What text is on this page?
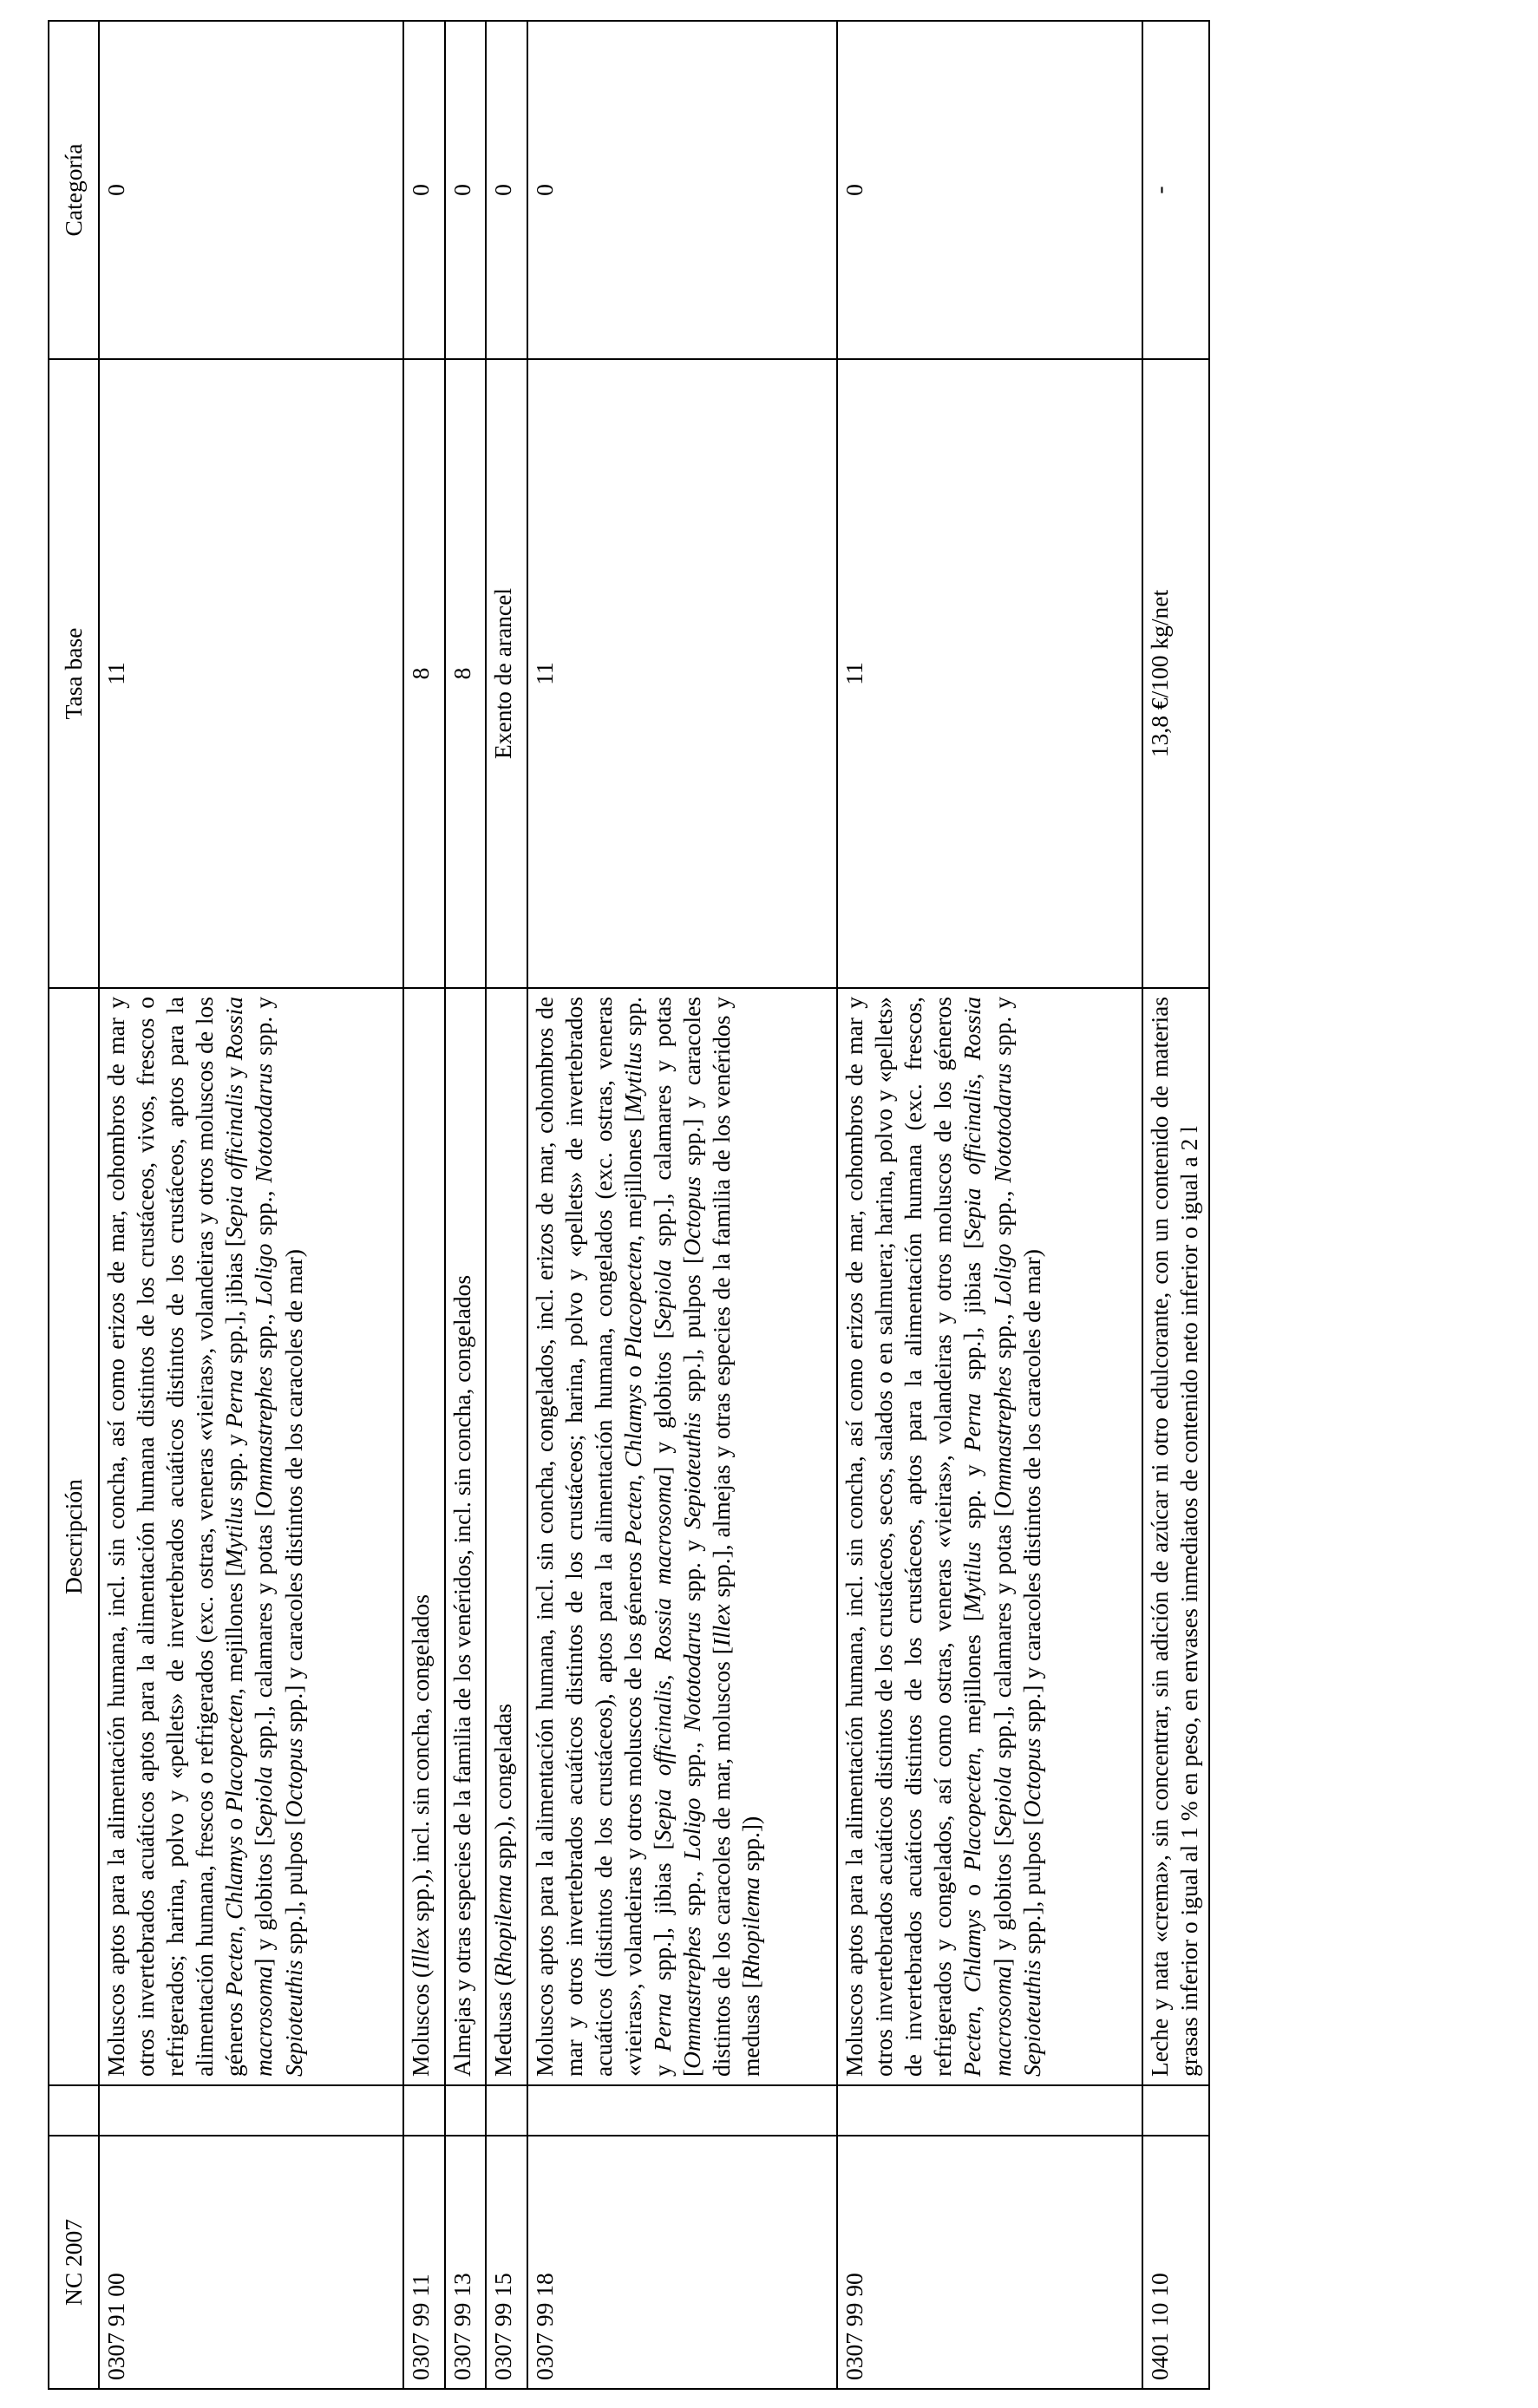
NC 2007		Descripción	Tasa base	Categoría
0307 91 00		Moluscos aptos para la alimentación humana, incl. sin concha, así como erizos de mar, cohombros de mar y otros invertebrados acuáticos aptos para la alimentación humana distintos de los crustáceos, vivos, frescos o refrigerados; harina, polvo y «pellets» de invertebrados acuáticos distintos de los crustáceos, aptos para la alimentación humana, frescos o refrigerados (exc. ostras, veneras «vieiras», volandeiras y otros moluscos de los géneros Pecten, Chlamys o Placopecten, mejillones [Mytilus spp. y Perna spp.], jibias [Sepia officinalis y Rossia macrosoma] y globitos [Sepiola spp.], calamares y potas [Ommastrephes spp., Loligo spp., Nototodarus spp. y Sepioteuthis spp.], pulpos [Octopus spp.] y caracoles distintos de los caracoles de mar)	11	0
0307 99 11		Moluscos (Illex spp.), incl. sin concha, congelados	8	0
0307 99 13		Almejas y otras especies de la familia de los venéridos, incl. sin concha, congelados	8	0
0307 99 15		Medusas (Rhopilema spp.), congeladas	Exento de arancel	0
0307 99 18		Moluscos aptos para la alimentación humana, incl. sin concha, congelados, incl. erizos de mar, cohombros de mar y otros invertebrados acuáticos distintos de los crustáceos; harina, polvo y «pellets» de invertebrados acuáticos (distintos de los crustáceos), aptos para la alimentación humana, congelados (exc. ostras, veneras «vieiras», volandeiras y otros moluscos de los géneros Pecten, Chlamys o Placopecten, mejillones [Mytilus spp. y Perna spp.], jibias [Sepia officinalis, Rossia macrosoma] y globitos [Sepiola spp.], calamares y potas [Ommastrephes spp., Loligo spp., Nototodarus spp. y Sepioteuthis spp.], pulpos [Octopus spp.] y caracoles distintos de los caracoles de mar, moluscos [Illex spp.], almejas y otras especies de la familia de los venéridos y medusas [Rhopilema spp.])	11	0
0307 99 90		Moluscos aptos para la alimentación humana, incl. sin concha, así como erizos de mar, cohombros de mar y otros invertebrados acuáticos distintos de los crustáceos, secos, salados o en salmuera; harina, polvo y «pellets» de invertebrados acuáticos distintos de los crustáceos, aptos para la alimentación humana (exc. frescos, refrigerados y congelados, así como ostras, veneras «vieiras», volandeiras y otros moluscos de los géneros Pecten, Chlamys o Placopecten, mejillones [Mytilus spp. y Perna spp.], jibias [Sepia officinalis, Rossia macrosoma] y globitos [Sepiola spp.], calamares y potas [Ommastrephes spp., Loligo spp., Nototodarus spp. y Sepioteuthis spp.], pulpos [Octopus spp.] y caracoles distintos de los caracoles de mar)	11	0
0401 10 10		Leche y nata «crema», sin concentrar, sin adición de azúcar ni otro edulcorante, con un contenido de materias grasas inferior o igual al 1 % en peso, en envases inmediatos de contenido neto inferior o igual a 2 l	13,8 €/100 kg/net	-
